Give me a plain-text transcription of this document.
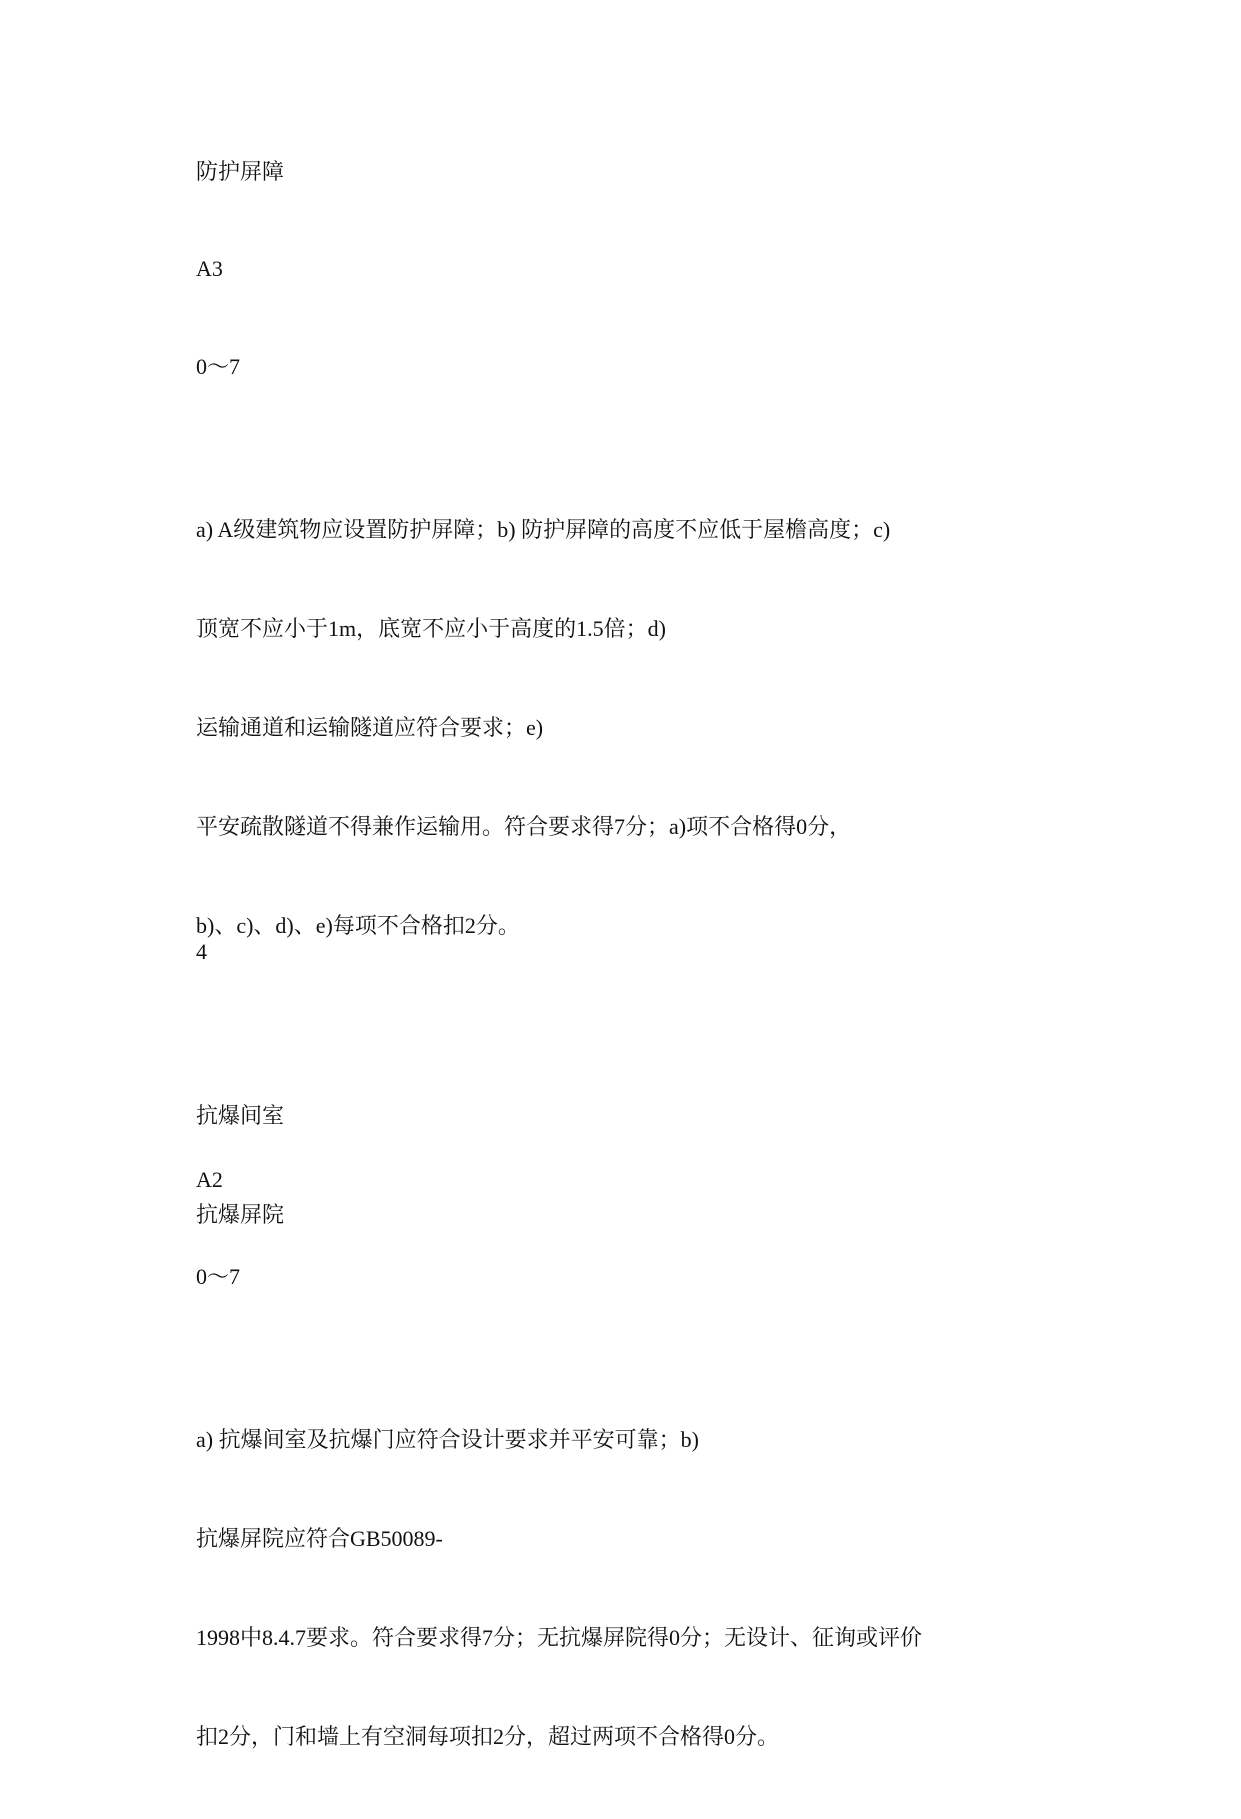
防护屏障

A3

0～7

a) A级建筑物应设置防护屏障；b) 防护屏障的高度不应低于屋檐高度；c)

顶宽不应小于1m，底宽不应小于高度的1.5倍；d)

运输通道和运输隧道应符合要求；e)

平安疏散隧道不得兼作运输用。符合要求得7分；a)项不合格得0分，

b)、c)、d)、e)每项不合格扣2分。

4

抗爆间室

抗爆屏院

A2

0～7

a) 抗爆间室及抗爆门应符合设计要求并平安可靠；b)

抗爆屏院应符合GB50089-

1998中8.4.7要求。符合要求得7分；无抗爆屏院得0分；无设计、征询或评价

扣2分，门和墙上有空洞每项扣2分，超过两项不合格得0分。
